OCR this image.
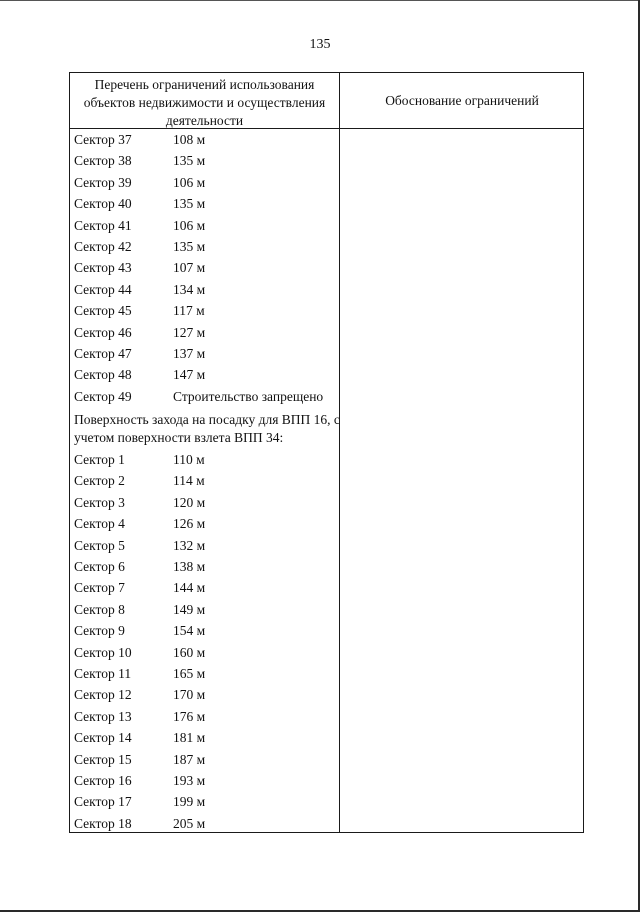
135
Перечень ограничений использования объектов недвижимости и осуществления деятельности
Обоснование ограничений
Сектор 37	108 м
Сектор 38	135 м
Сектор 39	106 м
Сектор 40	135 м
Сектор 41	106 м
Сектор 42	135 м
Сектор 43	107 м
Сектор 44	134 м
Сектор 45	117 м
Сектор 46	127 м
Сектор 47	137 м
Сектор 48	147 м
Сектор 49	Строительство запрещено
Поверхность захода на посадку для ВПП 16, с учетом поверхности взлета ВПП 34:
Сектор 1	110 м
Сектор 2	114 м
Сектор 3	120 м
Сектор 4	126 м
Сектор 5	132 м
Сектор 6	138 м
Сектор 7	144 м
Сектор 8	149 м
Сектор 9	154 м
Сектор 10	160 м
Сектор 11	165 м
Сектор 12	170 м
Сектор 13	176 м
Сектор 14	181 м
Сектор 15	187 м
Сектор 16	193 м
Сектор 17	199 м
Сектор 18	205 м
